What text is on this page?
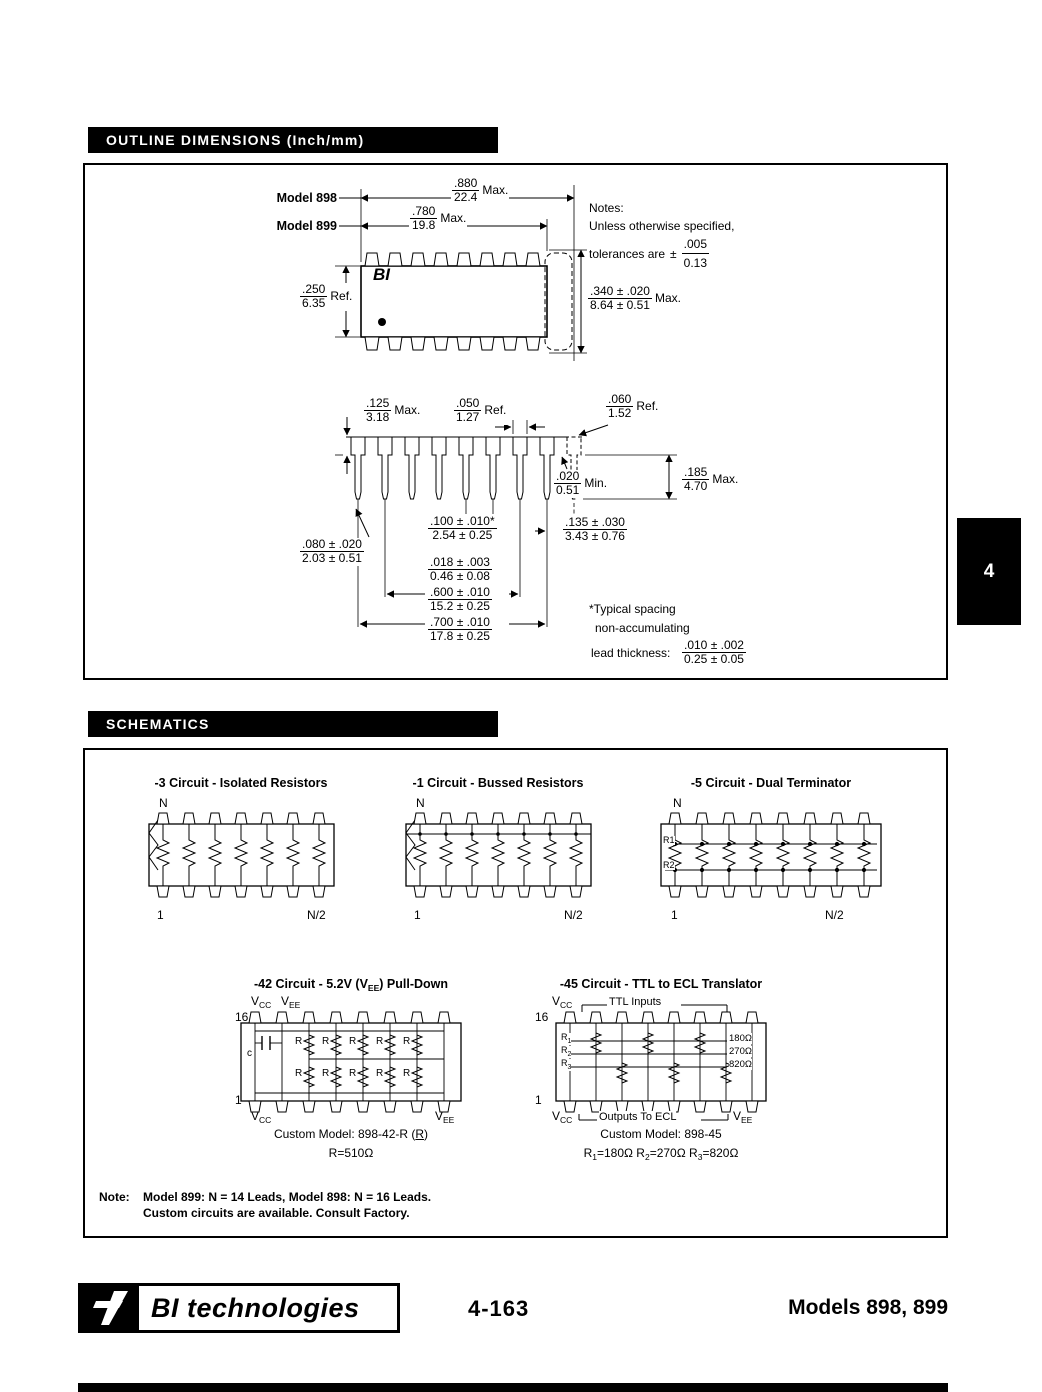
OUTLINE DIMENSIONS (Inch/mm)
Model 898
.880
22.4
Max.
Model 899
.780
19.8
Max.
Notes:
Unless otherwise specified,
tolerances are ± $\frac{.005}{0.13}$
BI
.250
6.35
Ref.	.340 ± .020
8.64 ± 0.51
Max.
.125
3.18
Max.
.050
1.27
Ref.
.060
1.52
Ref.
.020
0.51
Min.
.185
4.70
Max.
.100 ± .010*
2.54 ± 0.25
.018 ± .003
0.46 ± 0.08
.600 ± .010
15.2 ± 0.25
.700 ± .010
17.8 ± 0.25
.080 ± .020
2.03 ± 0.51
.135 ± .030
3.43 ± 0.76
*Typical spacing
non-accumulating
lead thickness:
.010 ± .002
0.25 ± 0.05
4
SCHEMATICS
-3 Circuit - Isolated Resistors	-1 Circuit - Bussed Resistors	-5 Circuit - Dual Terminator
N	N	N
1	1	1
N/2	N/2	N/2
R1
R2
-42 Circuit - 5.2V $(V_{EE})$ Pull-Down
$V_{CC}$ $V_{EE}$
16
1
$V_{CC}$	$V_{EE}$
R R R R R
R R R R R
c
Custom Model: 898-42-R (R)
R=510Ω
-45 Circuit - TTL to ECL Translator
$V_{CC}$	TTL Inputs
16
1
$R_1$
$R_2$
$R_3$
180Ω
270Ω
820Ω
$V_{CC}$ Outputs To ECL	$V_{EE}$
Custom Model: 898-45
$R_1=180\Omega$ $R_2=270\Omega$ $R_3=820\Omega$
Note: Model 899: N = 14 Leads, Model 898: N = 16 Leads.
Custom circuits are available. Consult Factory.
BI technologies	4-163	Models 898, 899
